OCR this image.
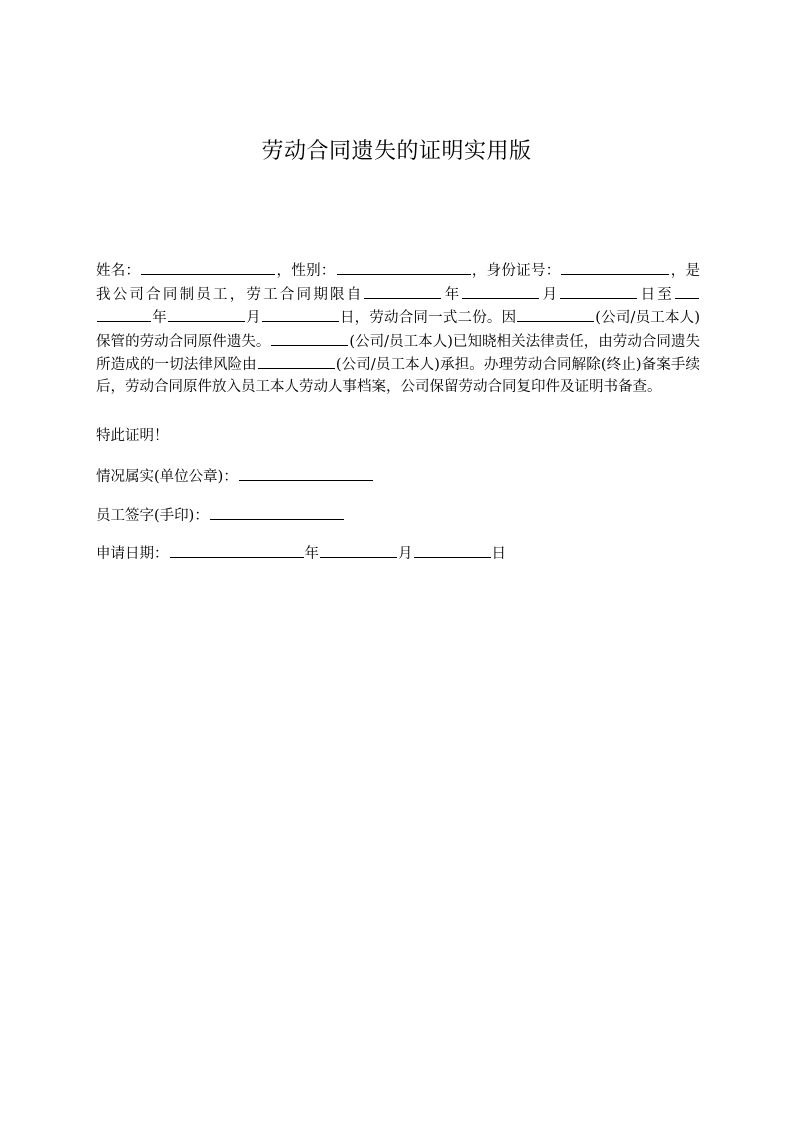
劳动合同遗失的证明实用版
姓名：	，性别：	，身份证号：	，是我公司合同制员工，劳工合同期限自	年	月	日至年	月	日，劳动合同一式二份。因	(公司/员工本人)保管的劳动合同原件遗失。	(公司/员工本人)已知晓相关法律责任，由劳动合同遗失所造成的一切法律风险由	(公司/员工本人)承担。办理劳动合同解除(终止)备案手续后，劳动合同原件放入员工本人劳动人事档案，公司保留劳动合同复印件及证明书备查。
特此证明！
情况属实(单位公章)：
员工签字(手印)：
申请日期：	年	月	日
